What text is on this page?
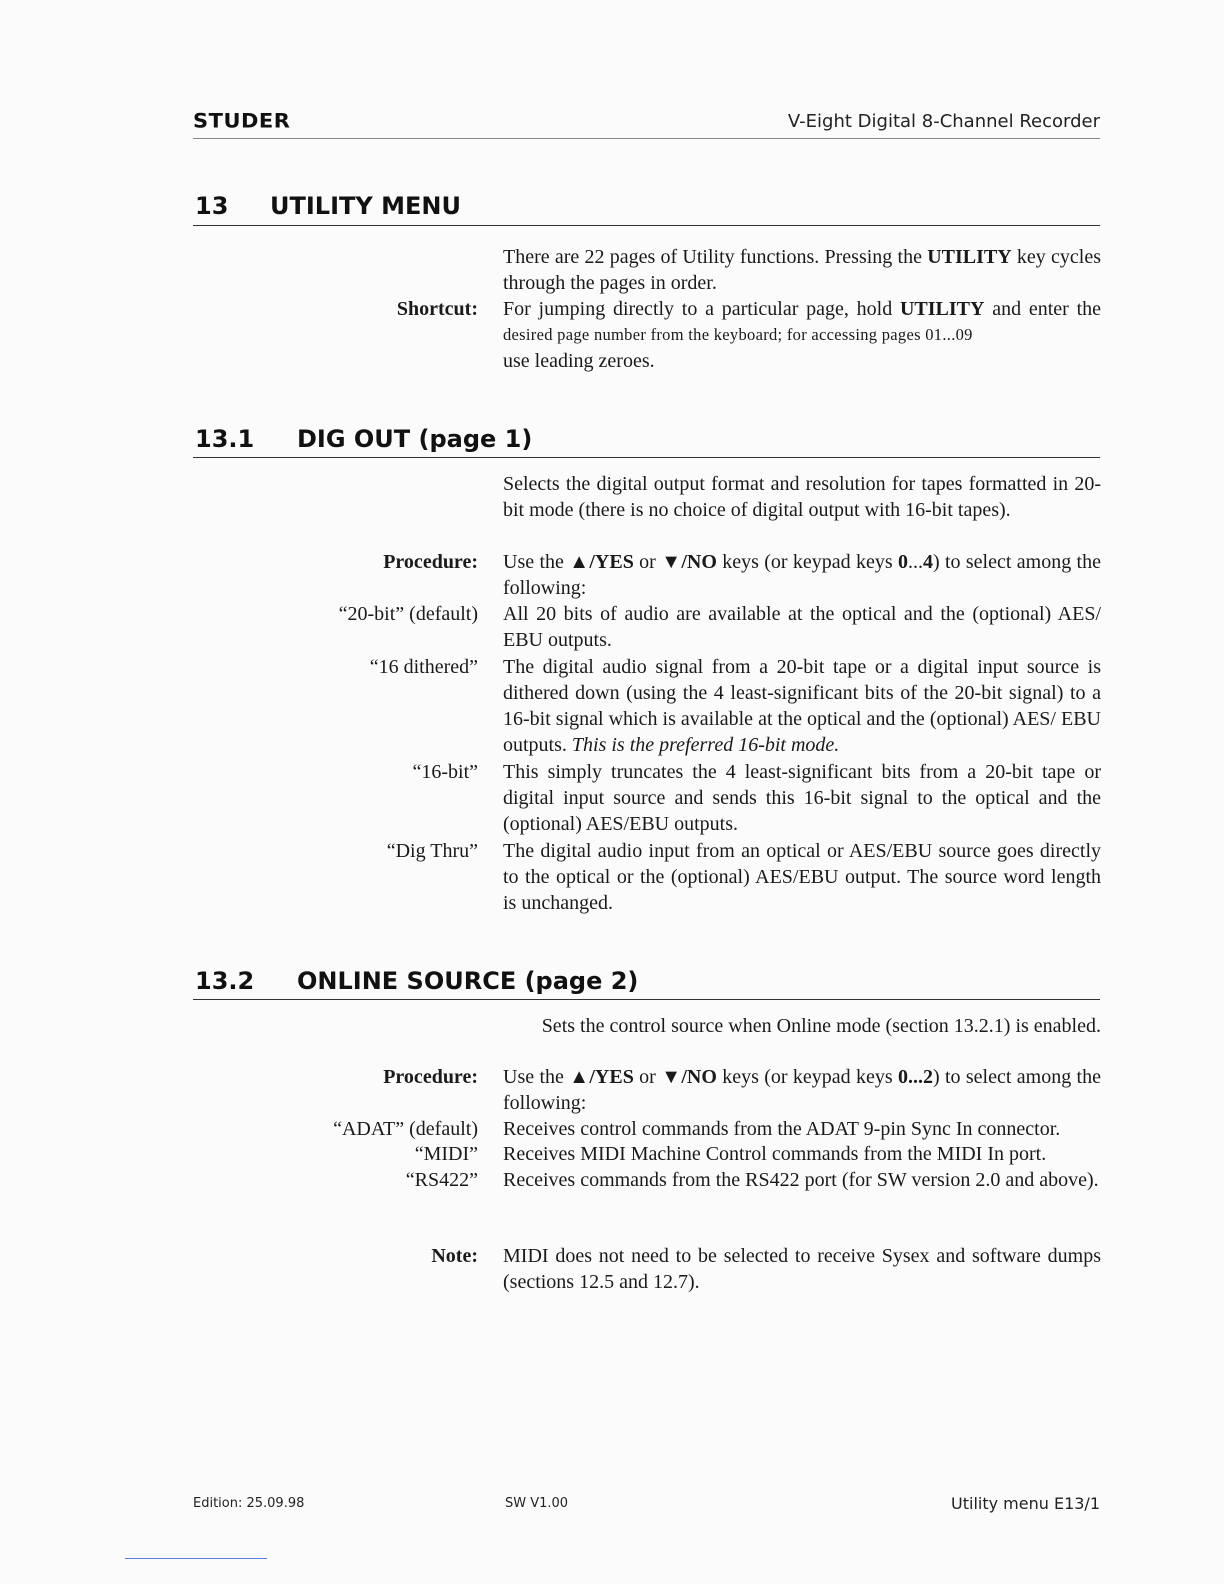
STUDER	V-Eight Digital 8-Channel Recorder
13 UTILITY MENU
There are 22 pages of Utility functions. Pressing the UTILITY key cycles through the pages in order.
Shortcut: For jumping directly to a particular page, hold UTILITY and enter the
desired page number from the keyboard; for accessing pages 01...09
use leading zeroes.
13.1 DIG OUT (page 1)
Selects the digital output format and resolution for tapes formatted in 20-bit mode (there is no choice of digital output with 16-bit tapes).
Procedure: Use the ▲/YES or ▼/NO keys (or keypad keys 0...4) to select among the following:
“20-bit” (default) All 20 bits of audio are available at the optical and the (optional) AES/ EBU outputs.
“16 dithered” The digital audio signal from a 20-bit tape or a digital input source is dithered down (using the 4 least-significant bits of the 20-bit signal) to a 16-bit signal which is available at the optical and the (optional) AES/ EBU outputs. This is the preferred 16-bit mode.
“16-bit” This simply truncates the 4 least-significant bits from a 20-bit tape or digital input source and sends this 16-bit signal to the optical and the (optional) AES/EBU outputs.
“Dig Thru” The digital audio input from an optical or AES/EBU source goes directly to the optical or the (optional) AES/EBU output. The source word length is unchanged.
13.2 ONLINE SOURCE (page 2)
Sets the control source when Online mode (section 13.2.1) is enabled.
Procedure: Use the ▲/YES or ▼/NO keys (or keypad keys 0...2) to select among the following:
“ADAT” (default) Receives control commands from the ADAT 9-pin Sync In connector.
“MIDI” Receives MIDI Machine Control commands from the MIDI In port.
“RS422” Receives commands from the RS422 port (for SW version 2.0 and above).
Note: MIDI does not need to be selected to receive Sysex and software dumps (sections 12.5 and 12.7).
Edition: 25.09.98	SW V1.00	Utility menu E13/1
